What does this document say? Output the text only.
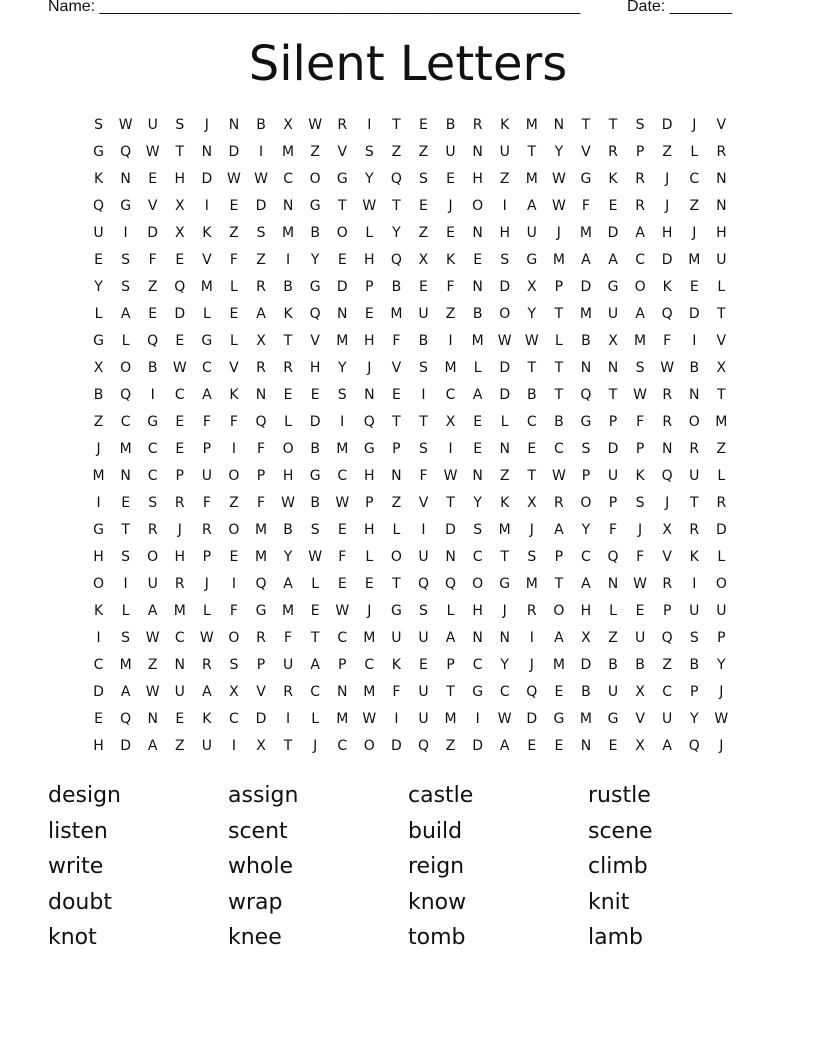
Name: ______________________________________________________

	Date: _______

Silent Letters
S	W	U	S	J	N	B	X	W	R	I	T	E	B	R	K	M	N	T	T	S	D	J	V
G	Q	W	T	N	D	I	M	Z	V	S	Z	Z	U	N	U	T	Y	V	R	P	Z	L	R
K	N	E	H	D	W W	C	O	G	Y	Q	S	E	H	Z	M	W	G	K	R	J	C	N
Q	G	V	X	I	E	D	N	G	T	W	T	E	J	O	I	A	W	F	E	R	J	Z	N
U	I	D	X	K	Z	S	M	B	O	L	Y	Z	E	N	H	U	J	M	D	A	H	J	H
E	S	F	E	V	F	Z	I	Y	E	H	Q	X	K	E	S	G	M	A	A	C	D	M	U
Y	S	Z	Q	M	L	R	B	G	D	P	B	E	F	N	D	X	P	D	G	O	K	E	L
L	A	E	D	L	E	A	K	Q	N	E	M	U	Z	B	O	Y	T	M	U	A	Q	D	T
G	L	Q	E	G	L	X	T	V	M	H	F	B	I	M	W W	L	B	X	M	F	I	V
X	O	B	W	C	V	R	R	H	Y	J	V	S	M	L	D	T	T	N	N	S	W	B	X
B	Q	I	C	A	K	N	E	E	S	N	E	I	C	A	D	B	T	Q	T	W	R	N	T
Z	C	G	E	F	F	Q	L	D	I	Q	T	T	X	E	L	C	B	G	P	F	R	O	M
J	M	C	E	P	I	F	O	B	M	G	P	S	I	E	N	E	C	S	D	P	N	R	Z
M	N	C	P	U	O	P	H	G	C	H	N	F	W	N	Z	T	W	P	U	K	Q	U	L
I	E	S	R	F	Z	F	W	B	W	P	Z	V	T	Y	K	X	R	O	P	S	J	T	R
G	T	R	J	R	O	M	B	S	E	H	L	I	D	S	M	J	A	Y	F	J	X	R	D
H	S	O	H	P	E	M	Y	W	F	L	O	U	N	C	T	S	P	C	Q	F	V	K	L
O	I	U	R	J	I	Q	A	L	E	E	T	Q	Q	O	G	M	T	A	N	W	R	I	O
K	L	A	M	L	F	G	M	E	W	J	G	S	L	H	J	R	O	H	L	E	P	U	U
I	S	W	C	W	O	R	F	T	C	M	U	U	A	N	N	I	A	X	Z	U	Q	S	P
C	M	Z	N	R	S	P	U	A	P	C	K	E	P	C	Y	J	M	D	B	B	Z	B	Y
D	A	W	U	A	X	V	R	C	N	M	F	U	T	G	C	Q	E	B	U	X	C	P	J
E	Q	N	E	K	C	D	I	L	M	W	I	U	M	I	W	D	G	M	G	V	U	Y	W
H	D	A	Z	U	I	X	T	J	C	O	D	Q	Z	D	A	E	E	N	E	X	A	Q	J
design	assign	castle	rustle
listen	scent	build	scene
write	whole	reign	climb
doubt	wrap	know	knit
knot	knee	tomb	lamb
